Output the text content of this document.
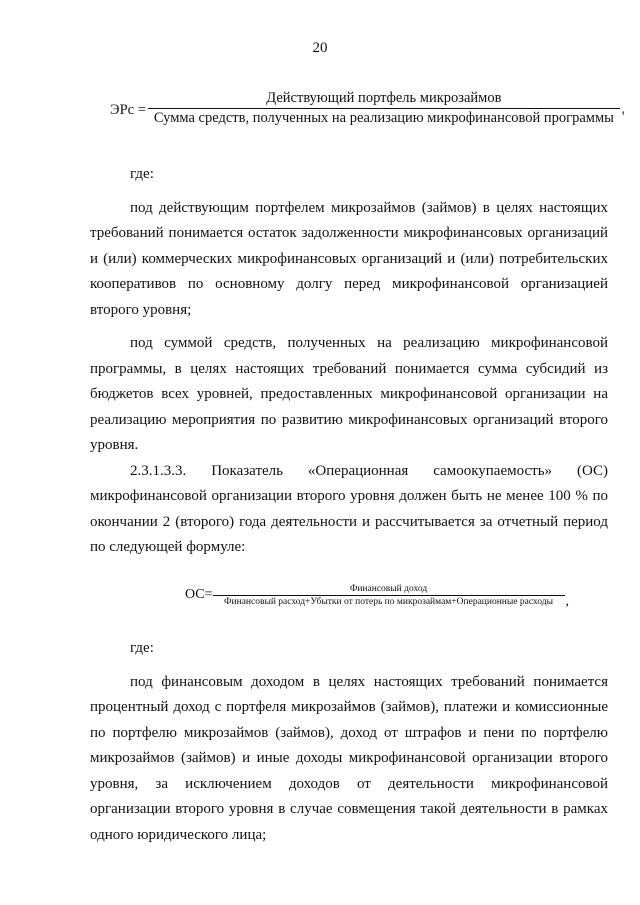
20
ЭРс =
Действующий портфель микрозаймов
Сумма средств, полученных на реализацию микрофинансовой программы '

где:

под действующим портфелем микрозаймов (займов) в целях настоящих требований понимается остаток задолженности микрофинансовых организаций и (или) коммерческих микрофинансовых организаций и (или) потребительских кооперативов по основному долгу перед микрофинансовой организацией второго уровня;

под суммой средств, полученных на реализацию микрофинансовой программы, в целях настоящих требований понимается сумма субсидий из бюджетов всех уровней, предоставленных микрофинансовой организации на реализацию мероприятия по развитию микрофинансовых организаций второго уровня.

2.3.1.3.3. Показатель «Операционная самоокупаемость» (ОС) микрофинансовой организации второго уровня должен быть не менее 100 % по окончании 2 (второго) года деятельности и рассчитывается за отчетный период по следующей формуле:

ОС=	Финансовый доход
Финансовый расход+Убытки от потерь по микрозаймам+Операционные расходы ,

где:

под финансовым доходом в целях настоящих требований понимается процентный доход с портфеля микрозаймов (займов), платежи и комиссионные по портфелю микрозаймов (займов), доход от штрафов и пени по портфелю микрозаймов (займов) и иные доходы микрофинансовой организации второго уровня, за исключением доходов от деятельности микрофинансовой организации второго уровня в случае совмещения такой деятельности в рамках одного юридического лица;
